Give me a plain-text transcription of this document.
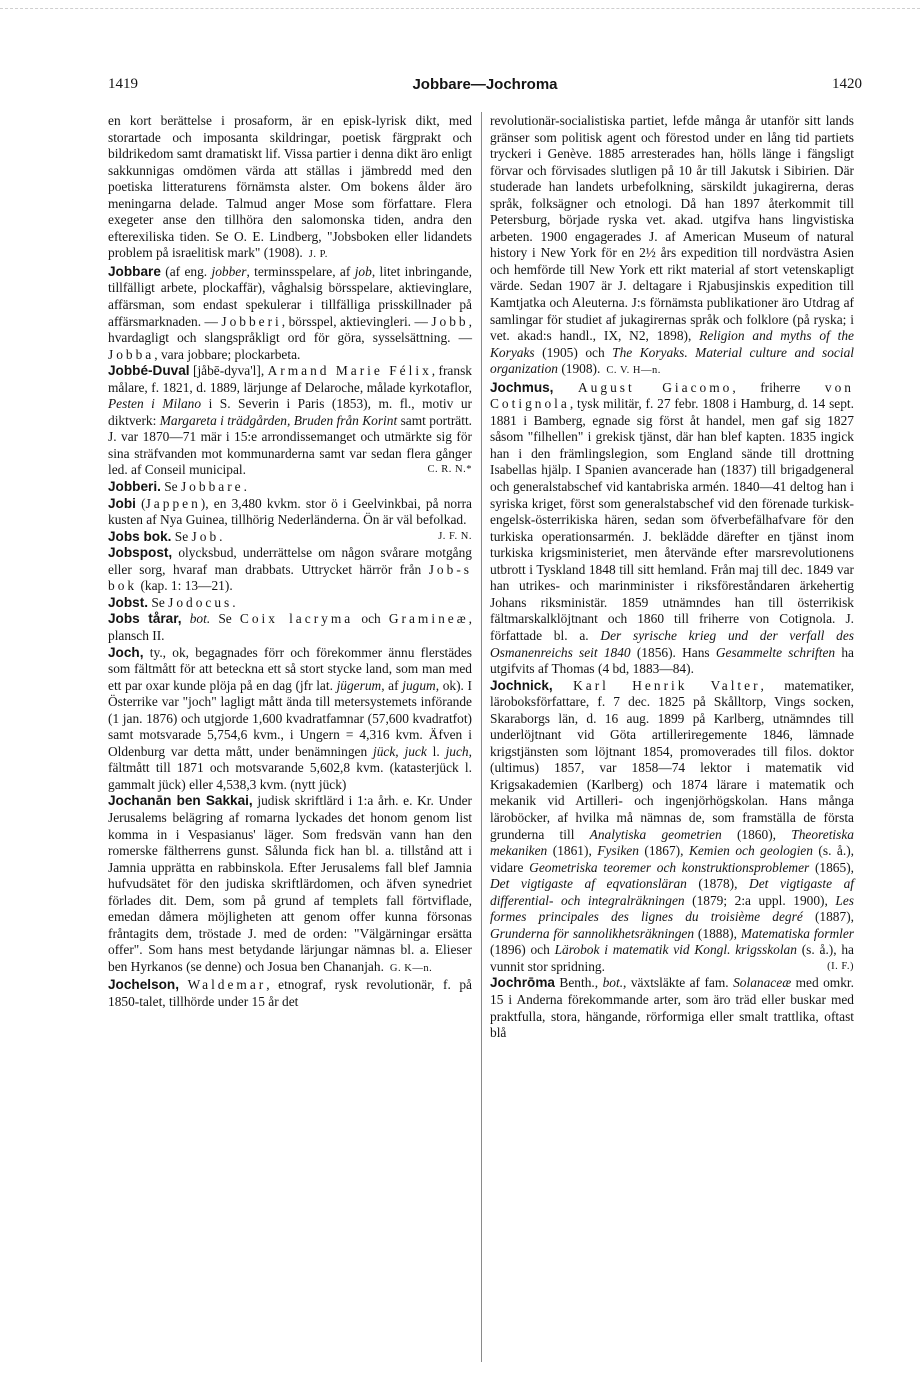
1419	Jobbare—Jochroma	1420

en kort berättelse i prosaform, är en episk-lyrisk dikt, med storartade och imposanta skildringar, poetisk färgprakt och bildrikedom samt dramatiskt lif. Vissa partier i denna dikt äro enligt sakkunnigas omdömen värda att ställas i jämbredd med den poetiska litteraturens förnämsta alster. Om bokens ålder äro meningarna delade. Talmud anger Mose som författare. Flera exegeter anse den tillhöra den salomonska tiden, andra den efterexiliska tiden. Se O. E. Lindberg, "Jobsboken eller lidandets problem på israelitisk mark" (1908). J. P.

Jobbare (af eng. jobber, terminsspelare, af job, litet inbringande, tillfälligt arbete, plockaffär), våghalsig börsspelare, aktievinglare, affärsman, som endast spekulerar i tillfälliga prisskillnader på affärsmarknaden. — Jobberi, börsspel, aktievingleri. — Jobb, hvardagligt och slangspråkligt ord för göra, sysselsättning. — Jobba, vara jobbare; plockarbeta.

Jobbé-Duval [jåbē-dyva'l], Armand Marie Félix, fransk målare, f. 1821, d. 1889, lärjunge af Delaroche, målade kyrkotaflor, Pesten i Milano i S. Severin i Paris (1853), m. fl., motiv ur diktverk: Margareta i trädgården, Bruden från Korint samt porträtt. J. var 1870—71 mär i 15:e arrondissemanget och utmärkte sig för sina sträfvanden mot kommunarderna samt var sedan flera gånger led. af Conseil municipal.	C. R. N.*

Jobberi. Se Jobbare.

Jobi (Jappen), en 3,480 kvkm. stor ö i Geelvinkbai, på norra kusten af Nya Guinea, tillhörig Nederländerna. Ön är väl befolkad.
J. F. N.

Jobs bok. Se Job.

Jobspost, olycksbud, underrättelse om någon svårare motgång eller sorg, hvaraf man drabbats. Uttrycket härrör från Job-s bok (kap. 1: 13—21).

Jobst. Se Jodocus.

Jobs tårar, bot. Se Coix lacryma och Gramineæ, plansch II.

Joch, ty., ok, begagnades förr och förekommer ännu flerstädes som fältmått för att beteckna ett så stort stycke land, som man med ett par oxar kunde plöja på en dag (jfr lat. jügerum, af jugum, ok). I Österrike var "joch" lagligt mått ända till metersystemets införande (1 jan. 1876) och utgjorde 1,600 kvadratfamnar (57,600 kvadratfot) samt motsvarade 5,754,6 kvm., i Ungern = 4,316 kvm. Äfven i Oldenburg var detta mått, under benämningen jück, juck l. juch, fältmått till 1871 och motsvarande 5,602,8 kvm. (katasterjück l. gammalt jück) eller 4,538,3 kvm. (nytt jück)

Jochanān ben Sakkai, judisk skriftlärd i 1:a årh. e. Kr. Under Jerusalems belägring af romarna lyckades det honom genom list komma in i Vespasianus' läger. Som fredsvän vann han den romerske fältherrens gunst. Sålunda fick han bl. a. tillstånd att i Jamnia upprätta en rabbinskola. Efter Jerusalems fall blef Jamnia hufvudsätet för den judiska skriftlärdomen, och äfven synedriet förlades dit. Dem, som på grund af templets fall förtviflade, emedan dåmera möjligheten att genom offer kunna försonas fråntagits dem, tröstade J. med de orden: "Välgärningar ersätta offer". Som hans mest betydande lärjungar nämnas bl. a. Elieser ben Hyrkanos (se denne) och Josua ben Chananjah. G. K—n.

Jochelson, Waldemar, etnograf, rysk revolutionär, f. på 1850-talet, tillhörde under 15 år det

revolutionär-socialistiska partiet, lefde många år utanför sitt lands gränser som politisk agent och förestod under en lång tid partiets tryckeri i Genève. 1885 arresterades han, hölls länge i fängsligt förvar och förvisades slutligen på 10 år till Jakutsk i Sibirien. Där studerade han landets urbefolkning, särskildt jukagirerna, deras språk, folksägner och etnologi. Då han 1897 återkommit till Petersburg, började ryska vet. akad. utgifva hans lingvistiska arbeten. 1900 engagerades J. af American Museum of natural history i New York för en 2½ års expedition till nordvästra Asien och hemförde till New York ett rikt material af stort vetenskapligt värde. Sedan 1907 är J. deltagare i Rjabusjinskis expedition till Kamtjatka och Aleuterna. J:s förnämsta publikationer äro Utdrag af samlingar för studiet af jukagirernas språk och folklore (på ryska; i vet. akad:s handl., IX, N2, 1898), Religion and myths of the Koryaks (1905) och The Koryaks. Material culture and social organization (1908). C. V. H—n.

Jochmus, August Giacomo, friherre von Cotignola, tysk militär, f. 27 febr. 1808 i Hamburg, d. 14 sept. 1881 i Bamberg, egnade sig först åt handel, men gaf sig 1827 såsom "filhellen" i grekisk tjänst, där han blef kapten. 1835 ingick han i den främlingslegion, som England sände till drottning Isabellas hjälp. I Spanien avancerade han (1837) till brigadgeneral och generalstabschef vid kantabriska armén. 1840—41 deltog han i syriska kriget, först som generalstabschef vid den förenade turkisk-engelsk-österrikiska hären, sedan som öfverbefälhafvare för den turkiska operationsarmén. J. beklädde därefter en tjänst inom turkiska krigsministeriet, men återvände efter marsrevolutionens utbrott i Tyskland 1848 till sitt hemland. Från maj till dec. 1849 var han utrikes- och marinminister i riksföreståndaren ärkehertig Johans riksministär. 1859 utnämndes han till österrikisk fältmarskalklöjtnant och 1860 till friherre von Cotignola. J. författade bl. a. Der syrische krieg und der verfall des Osmanenreichs seit 1840 (1856). Hans Gesammelte schriften ha utgifvits af Thomas (4 bd, 1883—84).

Jochnick, Karl Henrik Valter, matematiker, läroboksförfattare, f. 7 dec. 1825 på Skålltorp, Vings socken, Skaraborgs län, d. 16 aug. 1899 på Karlberg, utnämndes till underlöjtnant vid Göta artilleriregemente 1846, lämnade krigstjänsten som löjtnant 1854, promoverades till filos. doktor (ultimus) 1857, var 1858—74 lektor i matematik vid Krigsakademien (Karlberg) och 1874 lärare i matematik och mekanik vid Artilleri- och ingenjörhögskolan. Hans många läroböcker, af hvilka må nämnas de, som framställa de första grunderna till Analytiska geometrien (1860), Theoretiska mekaniken (1861), Fysiken (1867), Kemien och geologien (s. å.), vidare Geometriska teoremer och konstruktionsproblemer (1865), Det vigtigaste af eqvationsläran (1878), Det vigtigaste af differential- och integralräkningen (1879; 2:a uppl. 1900), Les formes principales des lignes du troisième degré (1887), Grunderna för sannolikhetsräkningen (1888), Matematiska formler (1896) och Lärobok i matematik vid Kongl. krigsskolan (s. å.), ha vunnit stor spridning.	(I. F.)

Jochrōma Benth., bot., växtsläkte af fam. Solanaceæ med omkr. 15 i Anderna förekommande arter, som äro träd eller buskar med praktfulla, stora, hängande, rörformiga eller smalt trattlika, oftast blå
